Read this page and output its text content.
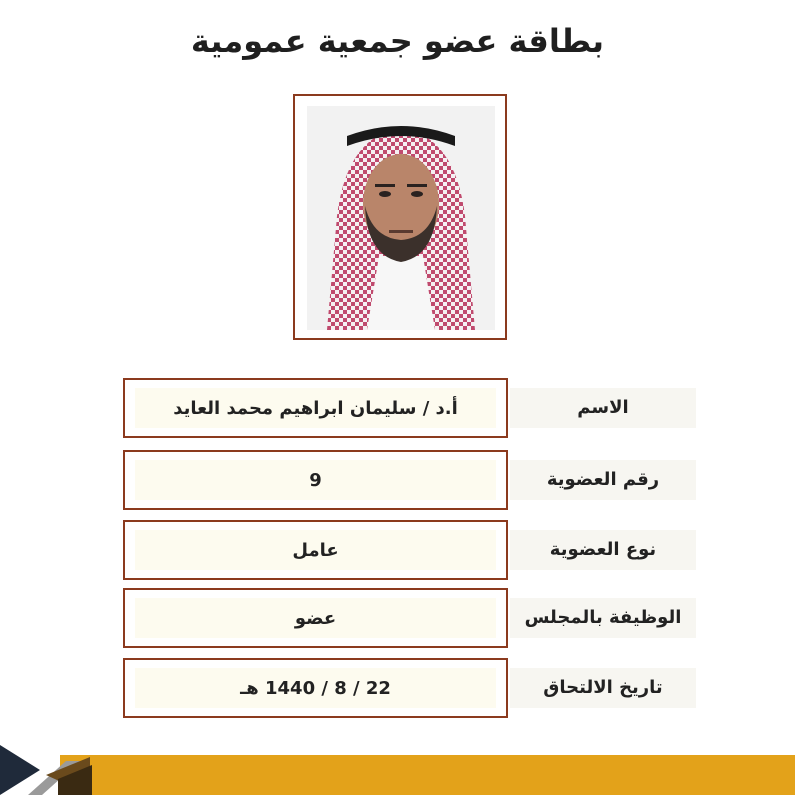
بطاقة عضو جمعية عمومية
الاسم
أ.د / سليمان ابراهيم محمد العايد
رقم العضوية
9
نوع العضوية
عامل
الوظيفة بالمجلس
عضو
تاريخ الالتحاق
22 / 8 / 1440 هـ
